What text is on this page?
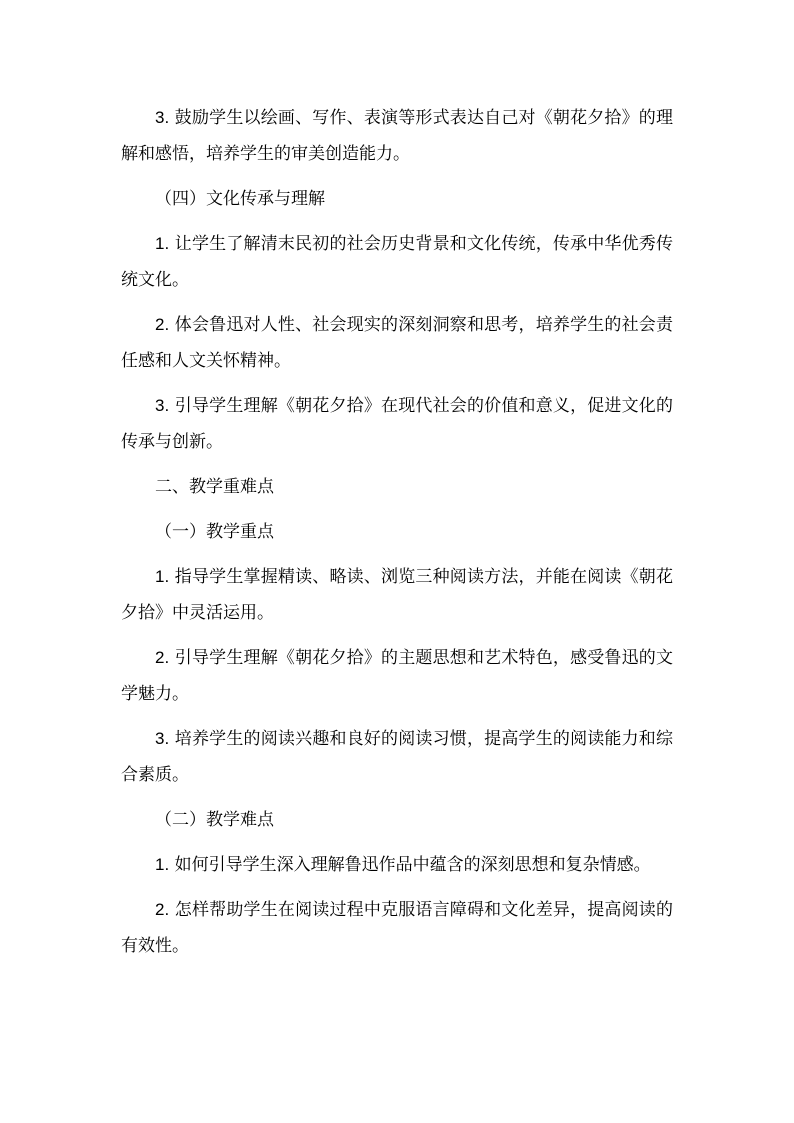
3. 鼓励学生以绘画、写作、表演等形式表达自己对《朝花夕拾》的理解和感悟，培养学生的审美创造能力。

（四）文化传承与理解

1. 让学生了解清末民初的社会历史背景和文化传统，传承中华优秀传统文化。

2. 体会鲁迅对人性、社会现实的深刻洞察和思考，培养学生的社会责任感和人文关怀精神。

3. 引导学生理解《朝花夕拾》在现代社会的价值和意义，促进文化的传承与创新。

二、教学重难点

（一）教学重点

1. 指导学生掌握精读、略读、浏览三种阅读方法，并能在阅读《朝花夕拾》中灵活运用。

2. 引导学生理解《朝花夕拾》的主题思想和艺术特色，感受鲁迅的文学魅力。

3. 培养学生的阅读兴趣和良好的阅读习惯，提高学生的阅读能力和综合素质。

（二）教学难点

1. 如何引导学生深入理解鲁迅作品中蕴含的深刻思想和复杂情感。

2. 怎样帮助学生在阅读过程中克服语言障碍和文化差异，提高阅读的有效性。
